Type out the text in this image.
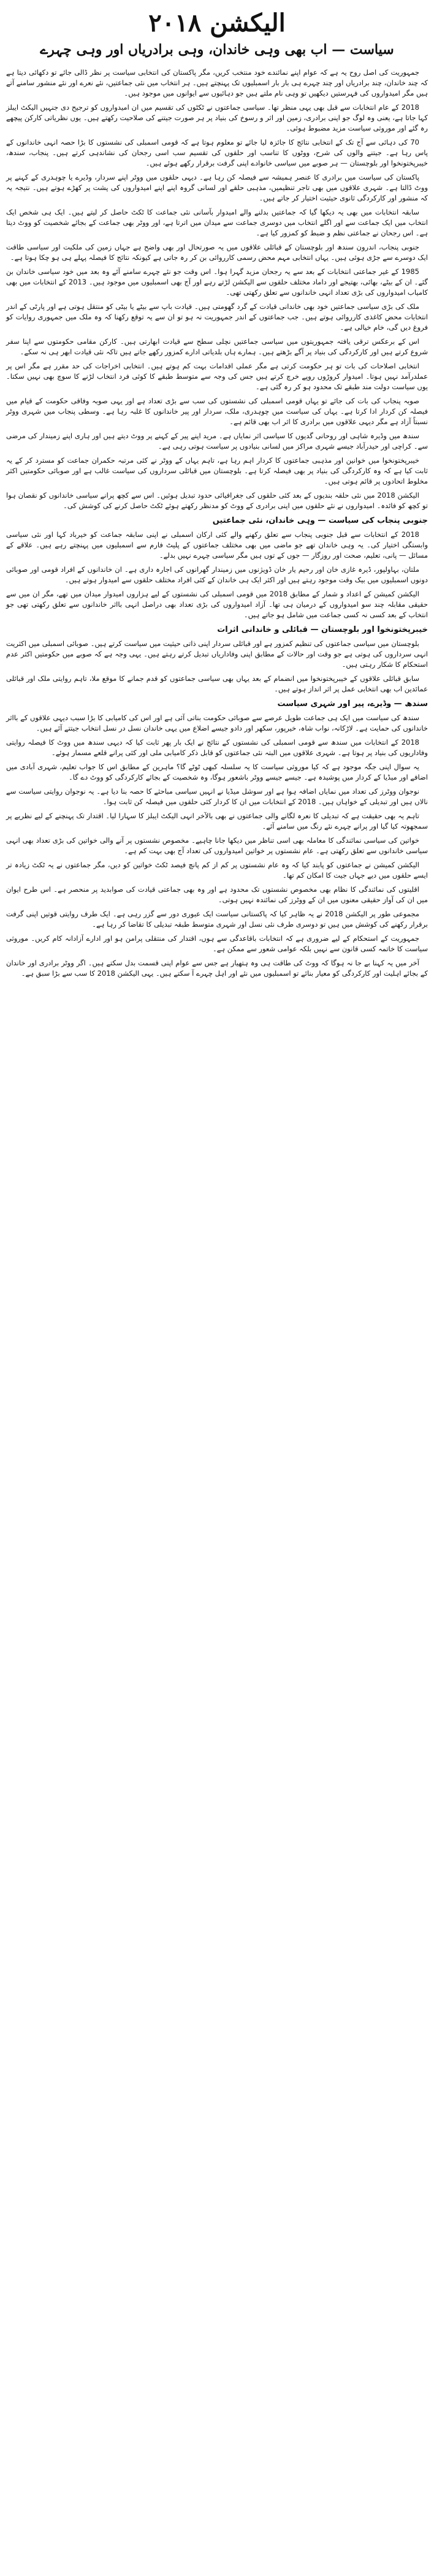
الیکشن ۲۰۱۸
سیاست — اب بھی وہی خاندان، وہی برادریاں اور وہی چہرے

جمہوریت کی اصل روح یہ ہے کہ عوام اپنے نمائندے خود منتخب کریں، مگر پاکستان کی انتخابی سیاست پر نظر ڈالی جائے تو دکھائی دیتا ہے کہ چند خاندان، چند برادریاں اور چند چہرے ہی بار بار اسمبلیوں تک پہنچتے ہیں۔ ہر انتخاب میں نئی جماعتیں، نئے نعرے اور نئے منشور سامنے آتے ہیں مگر امیدواروں کی فہرستیں دیکھیں تو وہی نام ملتے ہیں جو دہائیوں سے ایوانوں میں موجود ہیں۔

2018 کے عام انتخابات سے قبل بھی یہی منظر تھا۔ سیاسی جماعتوں نے ٹکٹوں کی تقسیم میں ان امیدواروں کو ترجیح دی جنہیں الیکٹ ایبلز کہا جاتا ہے، یعنی وہ لوگ جو اپنی برادری، زمین اور اثر و رسوخ کی بنیاد پر ہر صورت جیتنے کی صلاحیت رکھتے ہیں۔ یوں نظریاتی کارکن پیچھے رہ گئے اور موروثی سیاست مزید مضبوط ہوئی۔

70 کی دہائی سے آج تک کے انتخابی نتائج کا جائزہ لیا جائے تو معلوم ہوتا ہے کہ قومی اسمبلی کی نشستوں کا بڑا حصہ انہی خاندانوں کے پاس رہا ہے۔ جیتنے والوں کی شرح، ووٹوں کا تناسب اور حلقوں کی تقسیم سب اسی رجحان کی نشاندہی کرتے ہیں۔ پنجاب، سندھ، خیبرپختونخوا اور بلوچستان — ہر صوبے میں سیاسی خانوادے اپنی گرفت برقرار رکھے ہوئے ہیں۔

پاکستان کی سیاست میں برادری کا عنصر ہمیشہ سے فیصلہ کن رہا ہے۔ دیہی حلقوں میں ووٹر اپنے سردار، وڈیرے یا چوہدری کے کہنے پر ووٹ ڈالتا ہے۔ شہری علاقوں میں بھی تاجر تنظیمیں، مذہبی حلقے اور لسانی گروہ اپنے اپنے امیدواروں کی پشت پر کھڑے ہوتے ہیں۔ نتیجہ یہ کہ منشور اور کارکردگی ثانوی حیثیت اختیار کر جاتے ہیں۔

سابقہ انتخابات میں بھی یہ دیکھا گیا کہ جماعتیں بدلنے والے امیدوار بآسانی نئی جماعت کا ٹکٹ حاصل کر لیتے ہیں۔ ایک ہی شخص ایک انتخاب میں ایک جماعت سے اور اگلے انتخاب میں دوسری جماعت سے میدان میں اترتا ہے، اور ووٹر بھی جماعت کے بجائے شخصیت کو ووٹ دیتا ہے۔ اس رجحان نے جماعتی نظم و ضبط کو کمزور کیا ہے۔

جنوبی پنجاب، اندرون سندھ اور بلوچستان کے قبائلی علاقوں میں یہ صورتحال اور بھی واضح ہے جہاں زمین کی ملکیت اور سیاسی طاقت ایک دوسرے سے جڑی ہوئی ہیں۔ یہاں انتخابی مہم محض رسمی کارروائی بن کر رہ جاتی ہے کیونکہ نتائج کا فیصلہ پہلے ہی ہو چکا ہوتا ہے۔

1985 کے غیر جماعتی انتخابات کے بعد سے یہ رجحان مزید گہرا ہوا۔ اس وقت جو نئے چہرے سامنے آئے وہ بعد میں خود سیاسی خاندان بن گئے۔ ان کے بیٹے، بھائی، بھتیجے اور داماد مختلف حلقوں سے الیکشن لڑتے رہے اور آج بھی اسمبلیوں میں موجود ہیں۔ 2013 کے انتخابات میں بھی کامیاب امیدواروں کی بڑی تعداد انہی خاندانوں سے تعلق رکھتی تھی۔

ملک کی بڑی سیاسی جماعتیں خود بھی خاندانی قیادت کے گرد گھومتی ہیں۔ قیادت باپ سے بیٹے یا بیٹی کو منتقل ہوتی ہے اور پارٹی کے اندر انتخابات محض کاغذی کارروائی ہوتے ہیں۔ جب جماعتوں کے اندر جمہوریت نہ ہو تو ان سے یہ توقع رکھنا کہ وہ ملک میں جمہوری روایات کو فروغ دیں گی، خام خیالی ہے۔

اس کے برعکس ترقی یافتہ جمہوریتوں میں سیاسی جماعتیں نچلی سطح سے قیادت ابھارتی ہیں۔ کارکن مقامی حکومتوں سے اپنا سفر شروع کرتے ہیں اور کارکردگی کی بنیاد پر آگے بڑھتے ہیں۔ ہمارے ہاں بلدیاتی ادارے کمزور رکھے جاتے ہیں تاکہ نئی قیادت ابھر ہی نہ سکے۔

انتخابی اصلاحات کی بات تو ہر حکومت کرتی ہے مگر عملی اقدامات بہت کم ہوتے ہیں۔ انتخابی اخراجات کی حد مقرر ہے مگر اس پر عملدرآمد نہیں ہوتا۔ امیدوار کروڑوں روپے خرچ کرتے ہیں جس کی وجہ سے متوسط طبقے کا کوئی فرد انتخاب لڑنے کا سوچ بھی نہیں سکتا۔ یوں سیاست دولت مند طبقے تک محدود ہو کر رہ گئی ہے۔

صوبہ پنجاب کی بات کی جائے تو یہاں قومی اسمبلی کی نشستوں کی سب سے بڑی تعداد ہے اور یہی صوبہ وفاقی حکومت کے قیام میں فیصلہ کن کردار ادا کرتا ہے۔ یہاں کی سیاست میں چوہدری، ملک، سردار اور پیر خاندانوں کا غلبہ رہا ہے۔ وسطی پنجاب میں شہری ووٹر نسبتاً آزاد ہے مگر دیہی علاقوں میں برادری کا اثر اب بھی قائم ہے۔

سندھ میں وڈیرہ شاہی اور روحانی گدیوں کا سیاسی اثر نمایاں ہے۔ مرید اپنے پیر کے کہنے پر ووٹ دیتے ہیں اور ہاری اپنے زمیندار کی مرضی سے۔ کراچی اور حیدرآباد جیسے شہری مراکز میں لسانی بنیادوں پر سیاست ہوتی رہی ہے۔

خیبرپختونخوا میں خوانین اور مذہبی جماعتوں کا کردار اہم رہا ہے، تاہم یہاں کے ووٹر نے کئی مرتبہ حکمران جماعت کو مسترد کر کے یہ ثابت کیا ہے کہ وہ کارکردگی کی بنیاد پر بھی فیصلہ کرتا ہے۔ بلوچستان میں قبائلی سرداروں کی سیاست غالب ہے اور صوبائی حکومتیں اکثر مخلوط اتحادوں پر قائم ہوتی ہیں۔

الیکشن 2018 میں نئی حلقہ بندیوں کے بعد کئی حلقوں کی جغرافیائی حدود تبدیل ہوئیں۔ اس سے کچھ پرانے سیاسی خاندانوں کو نقصان ہوا تو کچھ کو فائدہ۔ امیدواروں نے نئے حلقوں میں اپنی برادری کے ووٹ کو مدنظر رکھتے ہوئے ٹکٹ حاصل کرنے کی کوشش کی۔

جنوبی پنجاب کی سیاست — وہی خاندان، نئی جماعتیں

2018 کے انتخابات سے قبل جنوبی پنجاب سے تعلق رکھنے والے کئی ارکان اسمبلی نے اپنی سابقہ جماعت کو خیرباد کہا اور نئی سیاسی وابستگی اختیار کی۔ یہ وہی خاندان تھے جو ماضی میں بھی مختلف جماعتوں کے پلیٹ فارم سے اسمبلیوں میں پہنچتے رہے ہیں۔ علاقے کے مسائل — پانی، تعلیم، صحت اور روزگار — جوں کے توں ہیں مگر سیاسی چہرے نہیں بدلے۔

ملتان، بہاولپور، ڈیرہ غازی خان اور رحیم یار خان ڈویژنوں میں زمیندار گھرانوں کی اجارہ داری ہے۔ ان خاندانوں کے افراد قومی اور صوبائی دونوں اسمبلیوں میں بیک وقت موجود رہتے ہیں اور اکثر ایک ہی خاندان کے کئی افراد مختلف حلقوں سے امیدوار ہوتے ہیں۔

الیکشن کمیشن کے اعداد و شمار کے مطابق 2018 میں قومی اسمبلی کی نشستوں کے لیے ہزاروں امیدوار میدان میں تھے، مگر ان میں سے حقیقی مقابلہ چند سو امیدواروں کے درمیان ہی تھا۔ آزاد امیدواروں کی بڑی تعداد بھی دراصل انہی بااثر خاندانوں سے تعلق رکھتی تھی جو انتخاب کے بعد کسی نہ کسی جماعت میں شامل ہو جاتے ہیں۔

خیبرپختونخوا اور بلوچستان — قبائلی و خاندانی اثرات

بلوچستان میں سیاسی جماعتوں کی تنظیم کمزور ہے اور قبائلی سردار اپنی ذاتی حیثیت میں سیاست کرتے ہیں۔ صوبائی اسمبلی میں اکثریت انہی سرداروں کی ہوتی ہے جو وقت اور حالات کے مطابق اپنی وفاداریاں تبدیل کرتے رہتے ہیں۔ یہی وجہ ہے کہ صوبے میں حکومتیں اکثر عدم استحکام کا شکار رہتی ہیں۔

سابق قبائلی علاقوں کے خیبرپختونخوا میں انضمام کے بعد یہاں بھی سیاسی جماعتوں کو قدم جمانے کا موقع ملا، تاہم روایتی ملک اور قبائلی عمائدین اب بھی انتخابی عمل پر اثر انداز ہوتے ہیں۔

سندھ — وڈیرے، پیر اور شہری سیاست

سندھ کی سیاست میں ایک ہی جماعت طویل عرصے سے صوبائی حکومت بناتی آئی ہے اور اس کی کامیابی کا بڑا سبب دیہی علاقوں کے بااثر خاندانوں کی حمایت ہے۔ لاڑکانہ، نواب شاہ، خیرپور، سکھر اور دادو جیسے اضلاع میں یہی خاندان نسل در نسل انتخاب جیتتے آئے ہیں۔

2018 کے انتخابات میں سندھ سے قومی اسمبلی کی نشستوں کے نتائج نے ایک بار پھر ثابت کیا کہ دیہی سندھ میں ووٹ کا فیصلہ روایتی وفاداریوں کی بنیاد پر ہوتا ہے۔ شہری علاقوں میں البتہ نئی جماعتوں کو قابل ذکر کامیابی ملی اور کئی پرانے قلعے مسمار ہوئے۔

یہ سوال اپنی جگہ موجود ہے کہ کیا موروثی سیاست کا یہ سلسلہ کبھی ٹوٹے گا؟ ماہرین کے مطابق اس کا جواب تعلیم، شہری آبادی میں اضافے اور میڈیا کے کردار میں پوشیدہ ہے۔ جیسے جیسے ووٹر باشعور ہوگا، وہ شخصیت کے بجائے کارکردگی کو ووٹ دے گا۔

نوجوان ووٹرز کی تعداد میں نمایاں اضافہ ہوا ہے اور سوشل میڈیا نے انہیں سیاسی مباحثے کا حصہ بنا دیا ہے۔ یہ نوجوان روایتی سیاست سے نالاں ہیں اور تبدیلی کے خواہاں ہیں۔ 2018 کے انتخابات میں ان کا کردار کئی حلقوں میں فیصلہ کن ثابت ہوا۔

تاہم یہ بھی حقیقت ہے کہ تبدیلی کا نعرہ لگانے والی جماعتوں نے بھی بالآخر انہی الیکٹ ایبلز کا سہارا لیا۔ اقتدار تک پہنچنے کے لیے نظریے پر سمجھوتہ کیا گیا اور پرانے چہرے نئے رنگ میں سامنے آئے۔

خواتین کی سیاسی نمائندگی کا معاملہ بھی اسی تناظر میں دیکھا جانا چاہیے۔ مخصوص نشستوں پر آنے والی خواتین کی بڑی تعداد بھی انہی سیاسی خاندانوں سے تعلق رکھتی ہے۔ عام نشستوں پر خواتین امیدواروں کی تعداد آج بھی بہت کم ہے۔

الیکشن کمیشن نے جماعتوں کو پابند کیا کہ وہ عام نشستوں پر کم از کم پانچ فیصد ٹکٹ خواتین کو دیں، مگر جماعتوں نے یہ ٹکٹ زیادہ تر ایسے حلقوں میں دیے جہاں جیت کا امکان کم تھا۔

اقلیتوں کی نمائندگی کا نظام بھی مخصوص نشستوں تک محدود ہے اور وہ بھی جماعتی قیادت کی صوابدید پر منحصر ہے۔ اس طرح ایوان میں ان کی آواز حقیقی معنوں میں ان کے ووٹرز کی نمائندہ نہیں ہوتی۔

مجموعی طور پر الیکشن 2018 نے یہ ظاہر کیا کہ پاکستانی سیاست ایک عبوری دور سے گزر رہی ہے۔ ایک طرف روایتی قوتیں اپنی گرفت برقرار رکھنے کی کوشش میں ہیں تو دوسری طرف نئی نسل اور شہری متوسط طبقہ تبدیلی کا تقاضا کر رہا ہے۔

جمہوریت کے استحکام کے لیے ضروری ہے کہ انتخابات باقاعدگی سے ہوں، اقتدار کی منتقلی پرامن ہو اور ادارے آزادانہ کام کریں۔ موروثی سیاست کا خاتمہ کسی قانون سے نہیں بلکہ عوامی شعور سے ممکن ہے۔

آخر میں یہ کہنا بے جا نہ ہوگا کہ ووٹ کی طاقت ہی وہ ہتھیار ہے جس سے عوام اپنی قسمت بدل سکتے ہیں۔ اگر ووٹر برادری اور خاندان کے بجائے اہلیت اور کارکردگی کو معیار بنائے تو اسمبلیوں میں نئے اور اہل چہرے آ سکتے ہیں۔ یہی الیکشن 2018 کا سب سے بڑا سبق ہے۔
